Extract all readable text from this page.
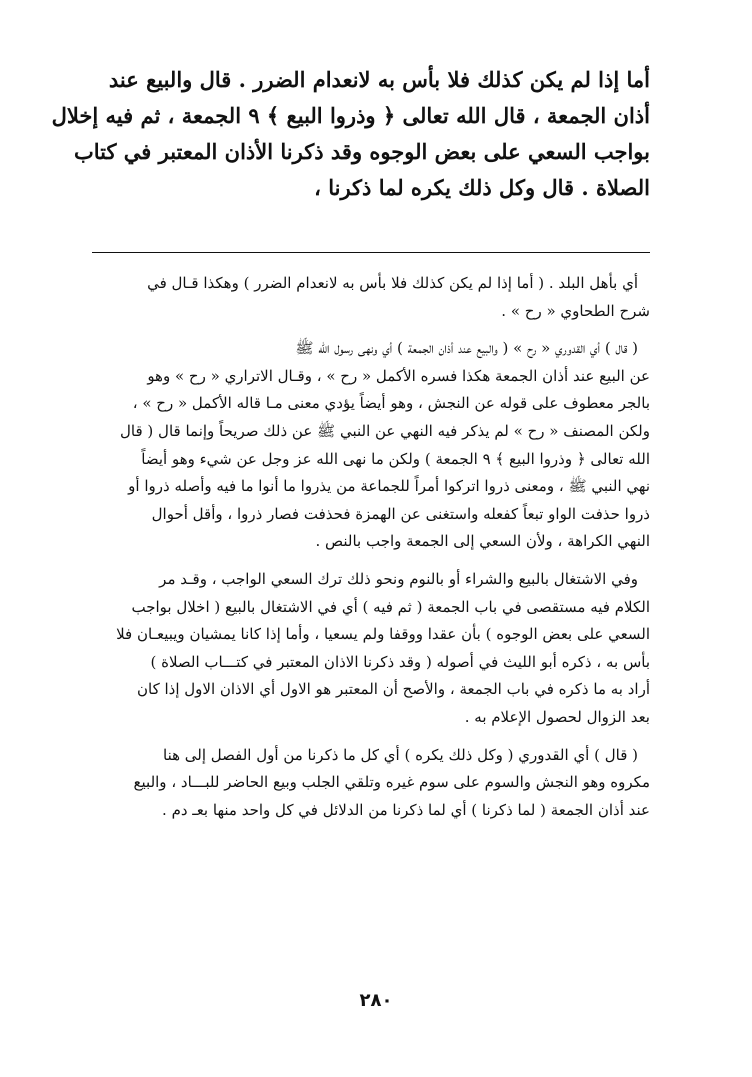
أما إذا لم يكن كذلك فلا بأس به لانعدام الضرر . قال والبيع عند
أذان الجمعة ، قال الله تعالى ﴿ وذروا البيع ﴾ ٩ الجمعة ، ثم فيه إخلال
بواجب السعي على بعض الوجوه وقد ذكرنا الأذان المعتبر في كتاب
الصلاة . قال وكل ذلك يكره لما ذكرنا ،
أي بأهل البلد . ( أما إذا لم يكن كذلك فلا بأس به لانعدام الضرر ) وهكذا قـال في
شرح الطحاوي « رح » .
( قال ) أي القدوري « رح » ( والبيع عند أذان الجمعة ) أي ونهى رسول الله ﷺ
عن البيع عند أذان الجمعة هكذا فسره الأكمل « رح » ، وقـال الاتراري « رح » وهو
بالجر معطوف على قوله عن النجش ، وهو أيضاً يؤدي معنى مـا قاله الأكمل « رح » ،
ولكن المصنف « رح » لم يذكر فيه النهي عن النبي ﷺ عن ذلك صريحاً وإنما قال ( قال
الله تعالى ﴿ وذروا البيع ﴾ ٩ الجمعة ) ولكن ما نهى الله عز وجل عن شيء وهو أيضاً
نهي النبي ﷺ ، ومعنى ذروا اتركوا أمراً للجماعة من يذروا ما أنوا ما فيه وأصله ذروا أو
ذروا حذفت الواو تبعاً كفعله واستغنى عن الهمزة فحذفت فصار ذروا ، وأقل أحوال
النهي الكراهة ، ولأن السعي إلى الجمعة واجب بالنص .
وفي الاشتغال بالبيع والشراء أو بالنوم ونحو ذلك ترك السعي الواجب ، وقـد مر
الكلام فيه مستقصى في باب الجمعة ( ثم فيه ) أي في الاشتغال بالبيع ( اخلال بواجب
السعي على بعض الوجوه ) بأن عقدا ووقفا ولم يسعيا ، وأما إذا كانا يمشيان ويبيعـان فلا
بأس به ، ذكره أبو الليث في أصوله ( وقد ذكرنا الاذان المعتبر في كتـــاب الصلاة )
أراد به ما ذكره في باب الجمعة ، والأصح أن المعتبر هو الاول أي الاذان الاول إذا كان
بعد الزوال لحصول الإعلام به .
( قال ) أي القدوري ( وكل ذلك يكره ) أي كل ما ذكرنا من أول الفصل إلى هنا
مكروه وهو النجش والسوم على سوم غيره وتلقي الجلب وبيع الحاضر للبـــاد ، والبيع
عند أذان الجمعة ( لما ذكرنا ) أي لما ذكرنا من الدلائل في كل واحد منها بعـ دم .
٢٨٠
